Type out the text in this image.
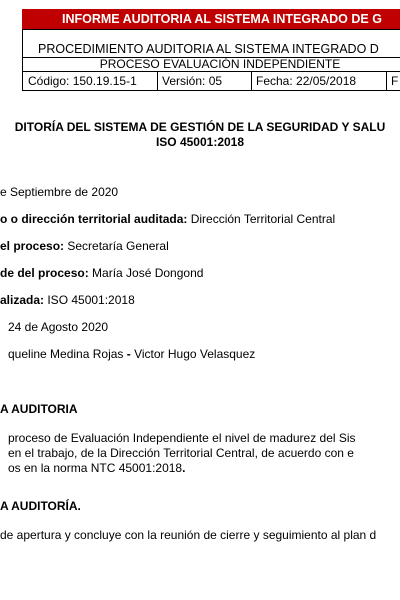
INFORME AUDITORIA AL SISTEMA INTEGRADO DE G
PROCEDIMIENTO AUDITORIA AL SISTEMA INTEGRADO D
PROCESO EVALUACIÓN INDEPENDIENTE
Código: 150.19.15-1	Versión: 05	Fecha: 22/05/2018	F
DITORÍA DEL SISTEMA DE GESTIÓN DE LA SEGURIDAD Y SALU
ISO 45001:2018
e Septiembre de 2020
o o dirección territorial auditada: Dirección Territorial Central
el proceso: Secretaría General
de del proceso: María José Dongond
alizada: ISO 45001:2018
24 de Agosto 2020
queline Medina Rojas - Victor Hugo Velasquez
A AUDITORIA
proceso de Evaluación Independiente el nivel de madurez del Sis
en el trabajo, de la Dirección Territorial Central, de acuerdo con e
os en la norma NTC 45001:2018.
A AUDITORÍA.
de apertura y concluye con la reunión de cierre y seguimiento al plan d
